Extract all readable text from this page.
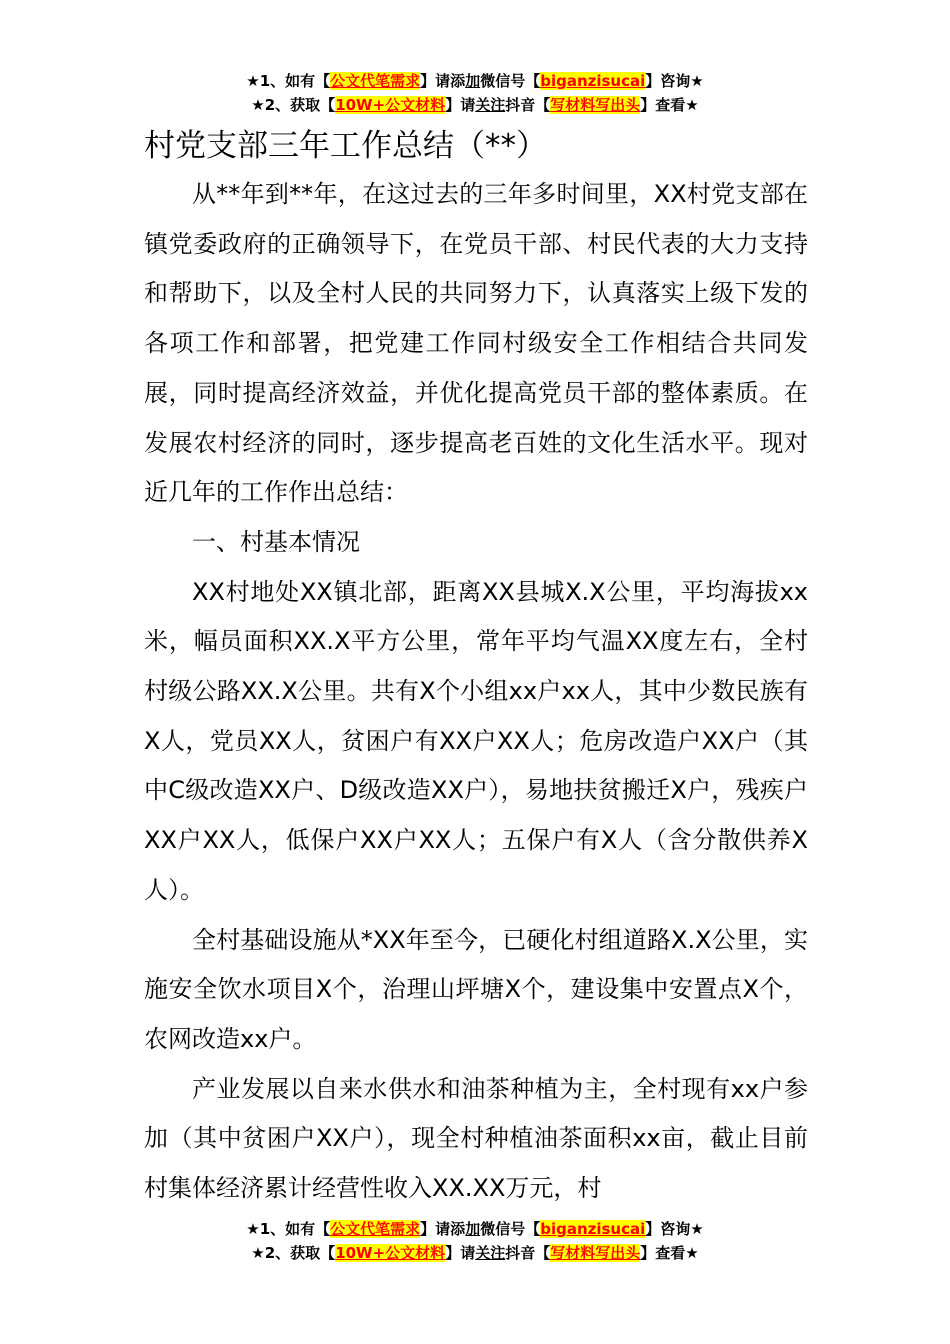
★1、如有【公文代笔需求】请添加微信号【biganzisucai】咨询★
★2、获取【10W+公文材料】请关注抖音【写材料写出头】查看★
村党支部三年工作总结（**）

从**年到**年，在这过去的三年多时间里，XX村党支部在镇党委政府的正确领导下，在党员干部、村民代表的大力支持和帮助下，以及全村人民的共同努力下，认真落实上级下发的各项工作和部署，把党建工作同村级安全工作相结合共同发展，同时提高经济效益，并优化提高党员干部的整体素质。在发展农村经济的同时，逐步提高老百姓的文化生活水平。现对近几年的工作作出总结：

一、村基本情况

XX村地处XX镇北部，距离XX县城X.X公里，平均海拔xx米，幅员面积XX.X平方公里，常年平均气温XX度左右，全村村级公路XX.X公里。共有X个小组xx户xx人，其中少数民族有X人，党员XX人，贫困户有XX户XX人；危房改造户XX户（其中C级改造XX户、D级改造XX户），易地扶贫搬迁X户，残疾户XX户XX人，低保户XX户XX人；五保户有X人（含分散供养X人）。

全村基础设施从*XX年至今，已硬化村组道路X.X公里，实施安全饮水项目X个，治理山坪塘X个，建设集中安置点X个，农网改造xx户。

产业发展以自来水供水和油茶种植为主，全村现有xx户参加（其中贫困户XX户），现全村种植油茶面积xx亩，截止目前村集体经济累计经营性收入XX.XX万元，村

★1、如有【公文代笔需求】请添加微信号【biganzisucai】咨询★
★2、获取【10W+公文材料】请关注抖音【写材料写出头】查看★
